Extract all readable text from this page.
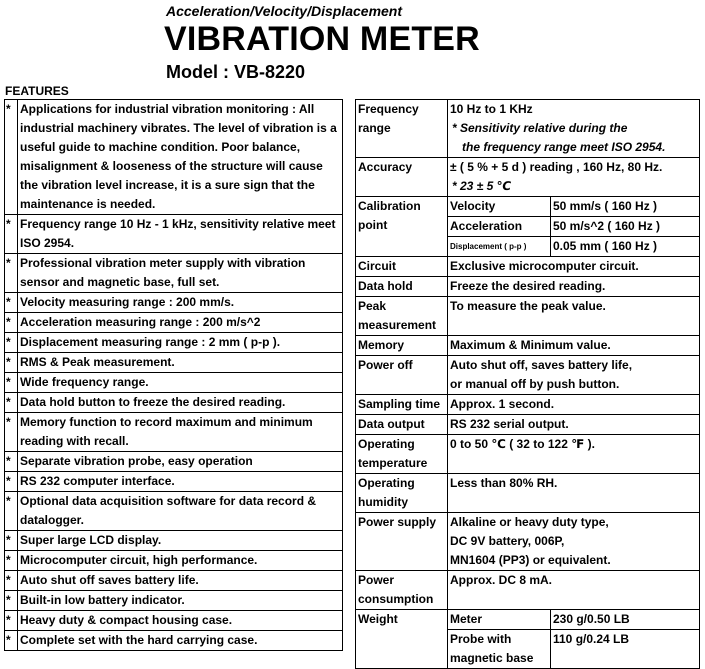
Acceleration/Velocity/Displacement
VIBRATION METER
Model : VB-8220
FEATURES
*	Applications for industrial vibration monitoring : All industrial machinery vibrates. The level of vibration is a useful guide to machine condition. Poor balance, misalignment & looseness of the structure will cause the vibration level increase, it is a sure sign that the maintenance is needed.
*	Frequency range 10 Hz - 1 kHz, sensitivity relative meet ISO 2954.
*	Professional vibration meter supply with vibration sensor and magnetic base, full set.
*	Velocity measuring range : 200 mm/s.
*	Acceleration measuring range : 200 m/s^2
*	Displacement measuring range : 2 mm ( p-p ).
*	RMS & Peak measurement.
*	Wide frequency range.
*	Data hold button to freeze the desired reading.
*	Memory function to record maximum and minimum reading with recall.
*	Separate vibration probe, easy operation
*	RS 232 computer interface.
*	Optional data acquisition software for data record & datalogger.
*	Super large LCD display.
*	Microcomputer circuit, high performance.
*	Auto shut off saves battery life.
*	Built-in low battery indicator.
*	Heavy duty & compact housing case.
*	Complete set with the hard carrying case.
Frequency range	10 Hz to 1 KHz
* Sensitivity relative during the
the frequency range meet ISO 2954.	
Accuracy	± ( 5 % + 5 d ) reading , 160 Hz, 80 Hz.
* 23 ± 5 ℃	
Calibration point	Velocity	50 mm/s ( 160 Hz )
	Acceleration	50 m/s^2 ( 160 Hz )
	Displacement ( p-p )	0.05 mm ( 160 Hz )
Circuit	Exclusive microcomputer circuit.	
Data hold	Freeze the desired reading.	
Peak measurement	To measure the peak value.	
Memory	Maximum & Minimum value.	
Power off	Auto shut off, saves battery life,
or manual off by push button.	
Sampling time	Approx. 1 second.	
Data output	RS 232 serial output.	
Operating temperature	0 to 50 ℃ ( 32 to 122 ℉ ).	
Operating humidity	Less than 80% RH.	
Power supply	Alkaline or heavy duty type,
DC 9V battery, 006P,
MN1604 (PP3) or equivalent.	
Power consumption	Approx. DC 8 mA.	
Weight	Meter	230 g/0.50 LB
	Probe with magnetic base	110 g/0.24 LB
